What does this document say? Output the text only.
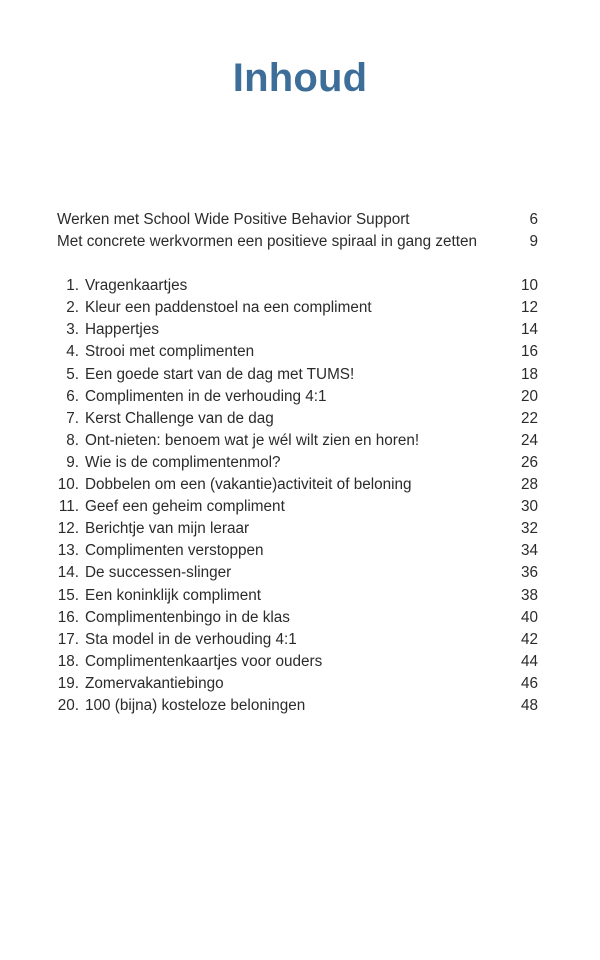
Inhoud
Werken met School Wide Positive Behavior Support	6
Met concrete werkvormen een positieve spiraal in gang zetten	9
1. Vragenkaartjes	10
2. Kleur een paddenstoel na een compliment	12
3. Happertjes	14
4. Strooi met complimenten	16
5. Een goede start van de dag met TUMS!	18
6. Complimenten in de verhouding 4:1	20
7. Kerst Challenge van de dag	22
8. Ont-nieten: benoem wat je wél wilt zien en horen!	24
9. Wie is de complimentenmol?	26
10. Dobbelen om een (vakantie)activiteit of beloning	28
11. Geef een geheim compliment	30
12. Berichtje van mijn leraar	32
13. Complimenten verstoppen	34
14. De successen-slinger	36
15. Een koninklijk compliment	38
16. Complimentenbingo in de klas	40
17. Sta model in de verhouding 4:1	42
18. Complimentenkaartjes voor ouders	44
19. Zomervakantiebingo	46
20. 100 (bijna) kosteloze beloningen	48
